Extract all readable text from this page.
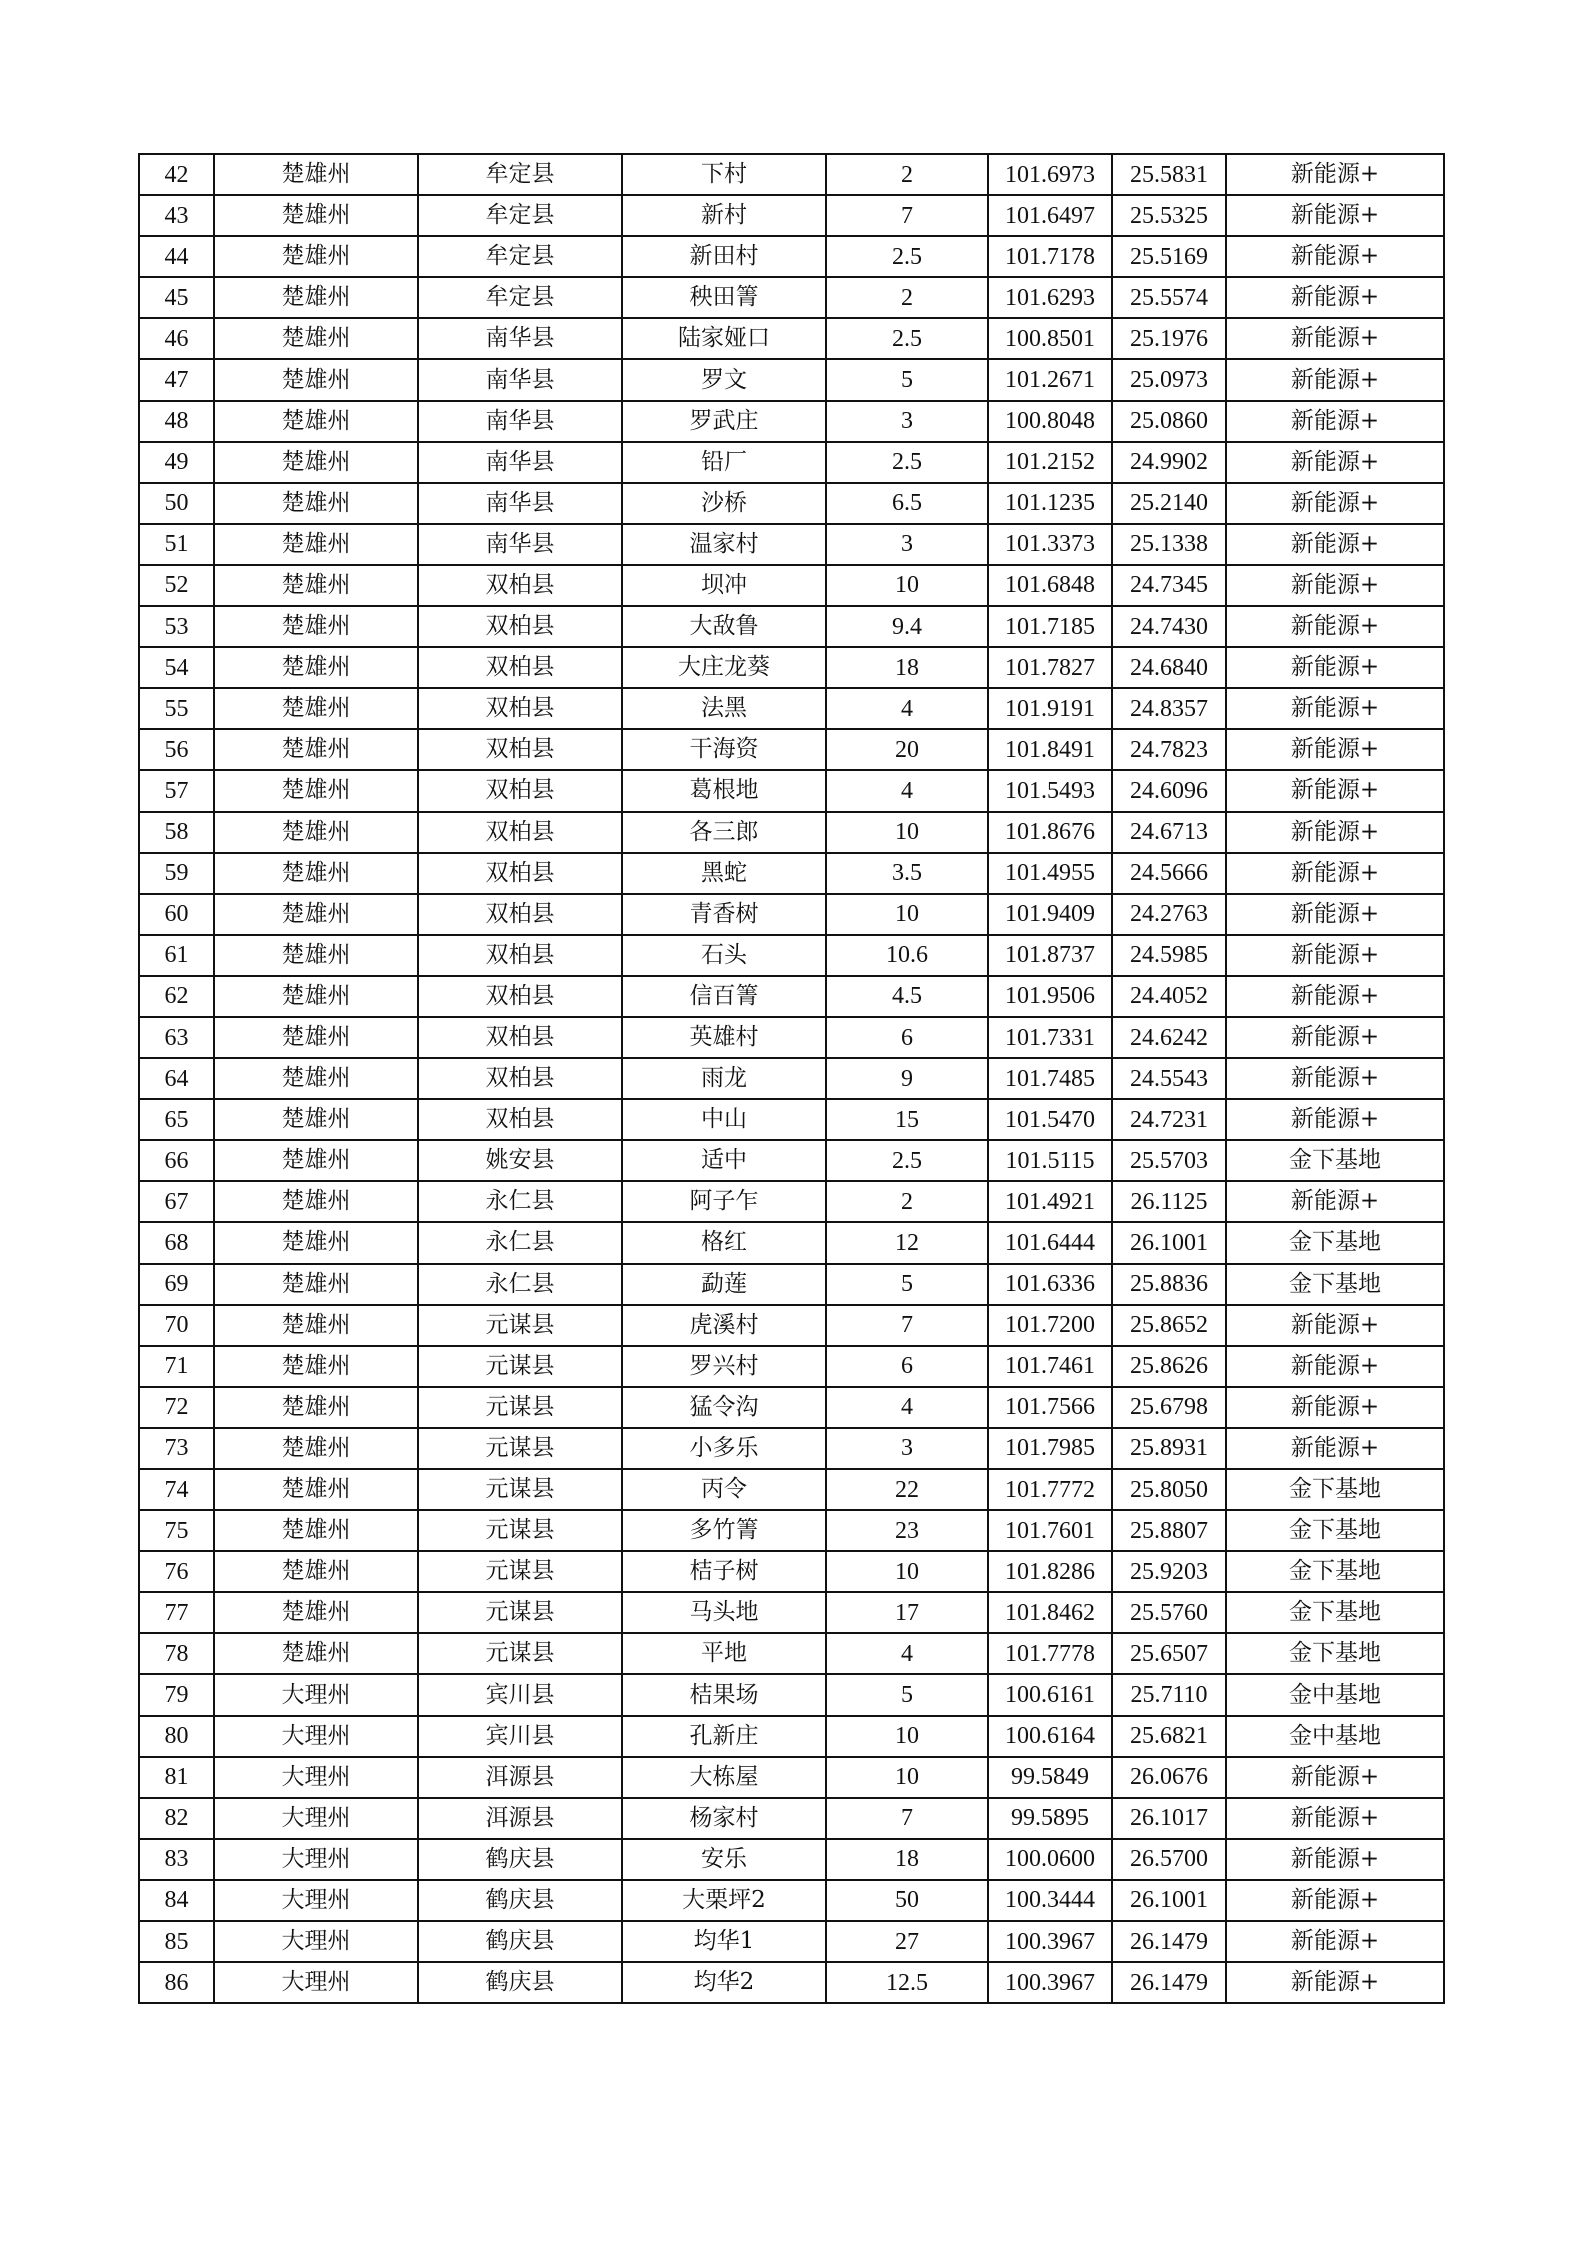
42	楚雄州	牟定县	下村	2	101.6973	25.5831	新能源+
43	楚雄州	牟定县	新村	7	101.6497	25.5325	新能源+
44	楚雄州	牟定县	新田村	2.5	101.7178	25.5169	新能源+
45	楚雄州	牟定县	秧田箐	2	101.6293	25.5574	新能源+
46	楚雄州	南华县	陆家娅口	2.5	100.8501	25.1976	新能源+
47	楚雄州	南华县	罗文	5	101.2671	25.0973	新能源+
48	楚雄州	南华县	罗武庄	3	100.8048	25.0860	新能源+
49	楚雄州	南华县	铅厂	2.5	101.2152	24.9902	新能源+
50	楚雄州	南华县	沙桥	6.5	101.1235	25.2140	新能源+
51	楚雄州	南华县	温家村	3	101.3373	25.1338	新能源+
52	楚雄州	双柏县	坝冲	10	101.6848	24.7345	新能源+
53	楚雄州	双柏县	大敌鲁	9.4	101.7185	24.7430	新能源+
54	楚雄州	双柏县	大庄龙葵	18	101.7827	24.6840	新能源+
55	楚雄州	双柏县	法黑	4	101.9191	24.8357	新能源+
56	楚雄州	双柏县	干海资	20	101.8491	24.7823	新能源+
57	楚雄州	双柏县	葛根地	4	101.5493	24.6096	新能源+
58	楚雄州	双柏县	各三郎	10	101.8676	24.6713	新能源+
59	楚雄州	双柏县	黑蛇	3.5	101.4955	24.5666	新能源+
60	楚雄州	双柏县	青香树	10	101.9409	24.2763	新能源+
61	楚雄州	双柏县	石头	10.6	101.8737	24.5985	新能源+
62	楚雄州	双柏县	信百箐	4.5	101.9506	24.4052	新能源+
63	楚雄州	双柏县	英雄村	6	101.7331	24.6242	新能源+
64	楚雄州	双柏县	雨龙	9	101.7485	24.5543	新能源+
65	楚雄州	双柏县	中山	15	101.5470	24.7231	新能源+
66	楚雄州	姚安县	适中	2.5	101.5115	25.5703	金下基地
67	楚雄州	永仁县	阿子乍	2	101.4921	26.1125	新能源+
68	楚雄州	永仁县	格红	12	101.6444	26.1001	金下基地
69	楚雄州	永仁县	勐莲	5	101.6336	25.8836	金下基地
70	楚雄州	元谋县	虎溪村	7	101.7200	25.8652	新能源+
71	楚雄州	元谋县	罗兴村	6	101.7461	25.8626	新能源+
72	楚雄州	元谋县	猛令沟	4	101.7566	25.6798	新能源+
73	楚雄州	元谋县	小多乐	3	101.7985	25.8931	新能源+
74	楚雄州	元谋县	丙令	22	101.7772	25.8050	金下基地
75	楚雄州	元谋县	多竹箐	23	101.7601	25.8807	金下基地
76	楚雄州	元谋县	桔子树	10	101.8286	25.9203	金下基地
77	楚雄州	元谋县	马头地	17	101.8462	25.5760	金下基地
78	楚雄州	元谋县	平地	4	101.7778	25.6507	金下基地
79	大理州	宾川县	桔果场	5	100.6161	25.7110	金中基地
80	大理州	宾川县	孔新庄	10	100.6164	25.6821	金中基地
81	大理州	洱源县	大栋屋	10	99.5849	26.0676	新能源+
82	大理州	洱源县	杨家村	7	99.5895	26.1017	新能源+
83	大理州	鹤庆县	安乐	18	100.0600	26.5700	新能源+
84	大理州	鹤庆县	大栗坪2	50	100.3444	26.1001	新能源+
85	大理州	鹤庆县	均华1	27	100.3967	26.1479	新能源+
86	大理州	鹤庆县	均华2	12.5	100.3967	26.1479	新能源+
